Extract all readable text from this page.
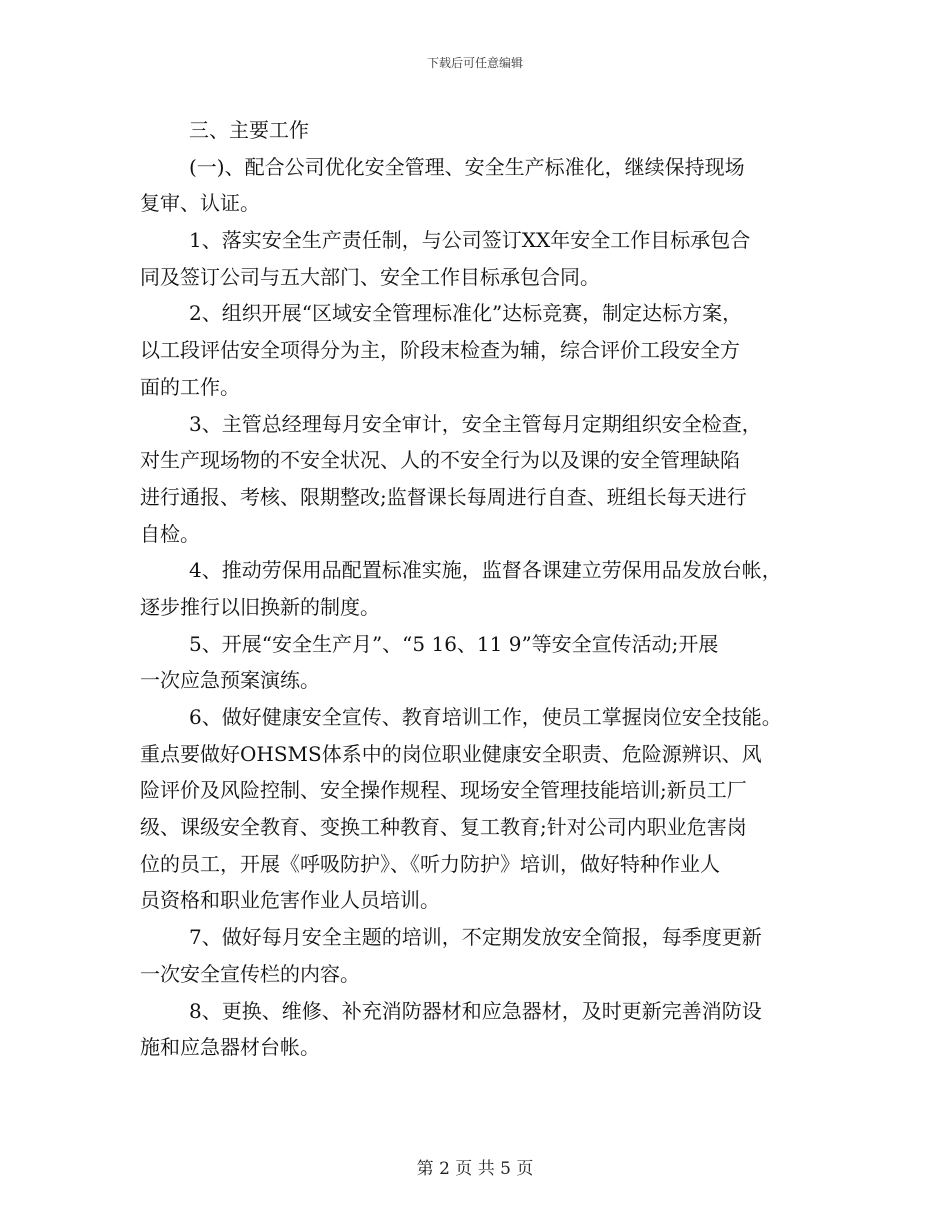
下载后可任意编辑
三、主要工作
(一)、配合公司优化安全管理、安全生产标准化，继续保持现场
复审、认证。
1、落实安全生产责任制，与公司签订XX年安全工作目标承包合
同及签订公司与五大部门、安全工作目标承包合同。
2、组织开展“区域安全管理标准化”达标竞赛，制定达标方案，
以工段评估安全项得分为主，阶段末检查为辅，综合评价工段安全方
面的工作。
3、主管总经理每月安全审计，安全主管每月定期组织安全检查，
对生产现场物的不安全状况、人的不安全行为以及课的安全管理缺陷
进行通报、考核、限期整改;监督课长每周进行自查、班组长每天进行
自检。
4、推动劳保用品配置标准实施，监督各课建立劳保用品发放台帐，
逐步推行以旧换新的制度。
5、开展“安全生产月”、“5 16、11 9”等安全宣传活动;开展
一次应急预案演练。
6、做好健康安全宣传、教育培训工作，使员工掌握岗位安全技能。
重点要做好OHSMS体系中的岗位职业健康安全职责、危险源辨识、风
险评价及风险控制、安全操作规程、现场安全管理技能培训;新员工厂
级、课级安全教育、变换工种教育、复工教育;针对公司内职业危害岗
位的员工，开展《呼吸防护》、《听力防护》培训，做好特种作业人
员资格和职业危害作业人员培训。
7、做好每月安全主题的培训，不定期发放安全简报，每季度更新
一次安全宣传栏的内容。
8、更换、维修、补充消防器材和应急器材，及时更新完善消防设
施和应急器材台帐。
第 2 页 共 5 页
